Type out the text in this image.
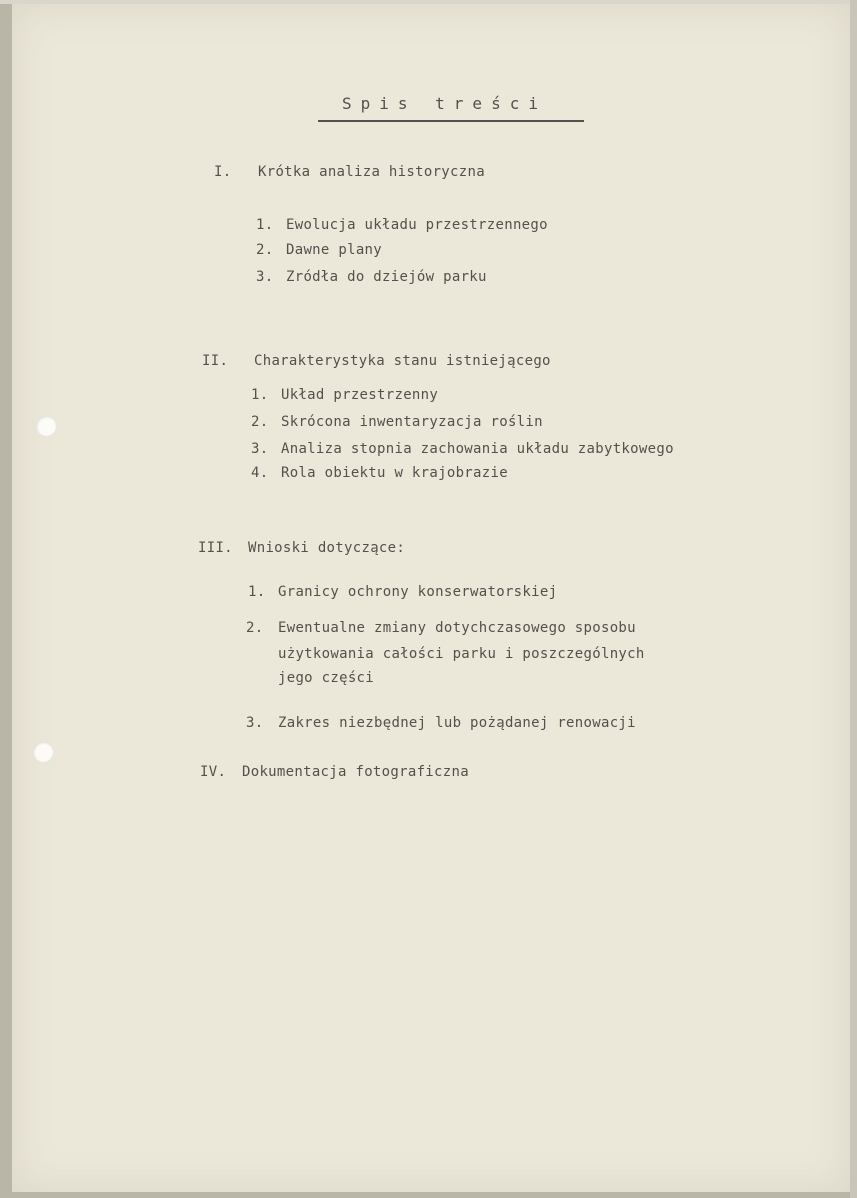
Spis treści
I. Krótka analiza historyczna
1. Ewolucja układu przestrzennego
2. Dawne plany
3. Zródła do dziejów parku
II. Charakterystyka stanu istniejącego
1. Układ przestrzenny
2. Skrócona inwentaryzacja roślin
3. Analiza stopnia zachowania układu zabytkowego
4. Rola obiektu w krajobrazie
III. Wnioski dotyczące:
1. Granicy ochrony konserwatorskiej
2. Ewentualne zmiany dotychczasowego sposobu
użytkowania całości parku i poszczególnych
jego części
3. Zakres niezbędnej lub pożądanej renowacji
IV. Dokumentacja fotograficzna
